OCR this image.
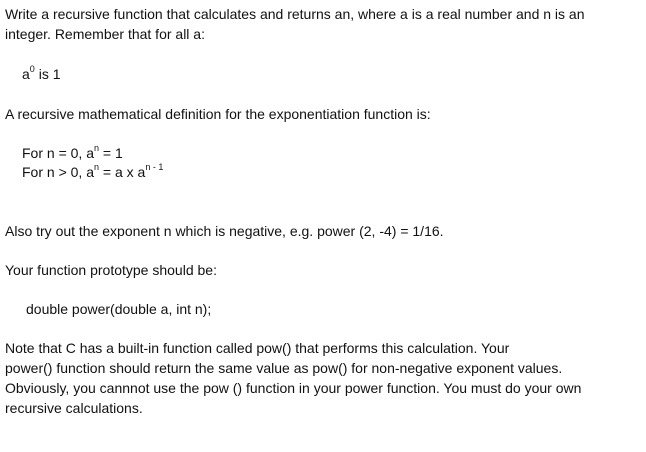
Write a recursive function that calculates and returns an, where a is a real number and n is an

integer. Remember that for all a:

$a^0$ is 1

A recursive mathematical definition for the exponentiation function is:

For n = 0, $a^n = 1$

For n > 0, $a^n = a$ x $a^{n - 1}$

Also try out the exponent n which is negative, e.g. power (2, -4) = 1/16.

Your function prototype should be:

double power(double a, int n);

Note that C has a built-in function called pow() that performs this calculation. Your

power() function should return the same value as pow() for non-negative exponent values.

Obviously, you cannnot use the pow () function in your power function. You must do your own

recursive calculations.
